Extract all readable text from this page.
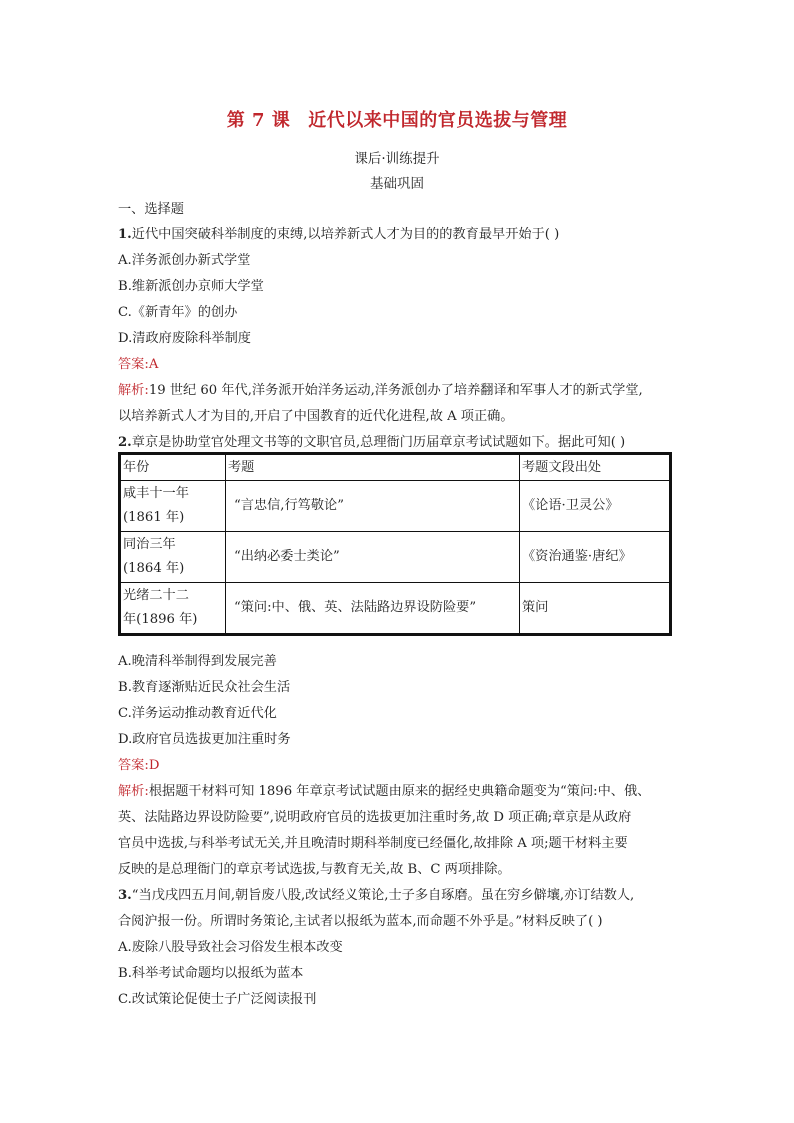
第 7 课 近代以来中国的官员选拔与管理
课后·训练提升
基础巩固
一、选择题
1.近代中国突破科举制度的束缚,以培养新式人才为目的的教育最早开始于( )
A.洋务派创办新式学堂
B.维新派创办京师大学堂
C.《新青年》的创办
D.清政府废除科举制度
答案:A
解析:19 世纪 60 年代,洋务派开始洋务运动,洋务派创办了培养翻译和军事人才的新式学堂,
以培养新式人才为目的,开启了中国教育的近代化进程,故 A 项正确。
2.章京是协助堂官处理文书等的文职官员,总理衙门历届章京考试试题如下。据此可知( )
年份	考题	考题文段出处

咸丰十一年
(1861 年)	“言忠信,行笃敬论”	《论语·卫灵公》

同治三年
(1864 年)	“出纳必委士类论”	《资治通鉴·唐纪》

光绪二十二
年(1896 年)	“策问:中、俄、英、法陆路边界设防险要”	策问
A.晚清科举制得到发展完善
B.教育逐渐贴近民众社会生活
C.洋务运动推动教育近代化
D.政府官员选拔更加注重时务
答案:D
解析:根据题干材料可知 1896 年章京考试试题由原来的据经史典籍命题变为“策问:中、俄、
英、法陆路边界设防险要”,说明政府官员的选拔更加注重时务,故 D 项正确;章京是从政府
官员中选拔,与科举考试无关,并且晚清时期科举制度已经僵化,故排除 A 项;题干材料主要
反映的是总理衙门的章京考试选拔,与教育无关,故 B、C 两项排除。
3.“当戊戌四五月间,朝旨废八股,改试经义策论,士子多自琢磨。虽在穷乡僻壤,亦订结数人,
合阅沪报一份。所谓时务策论,主试者以报纸为蓝本,而命题不外乎是。”材料反映了( )
A.废除八股导致社会习俗发生根本改变
B.科举考试命题均以报纸为蓝本
C.改试策论促使士子广泛阅读报刊
